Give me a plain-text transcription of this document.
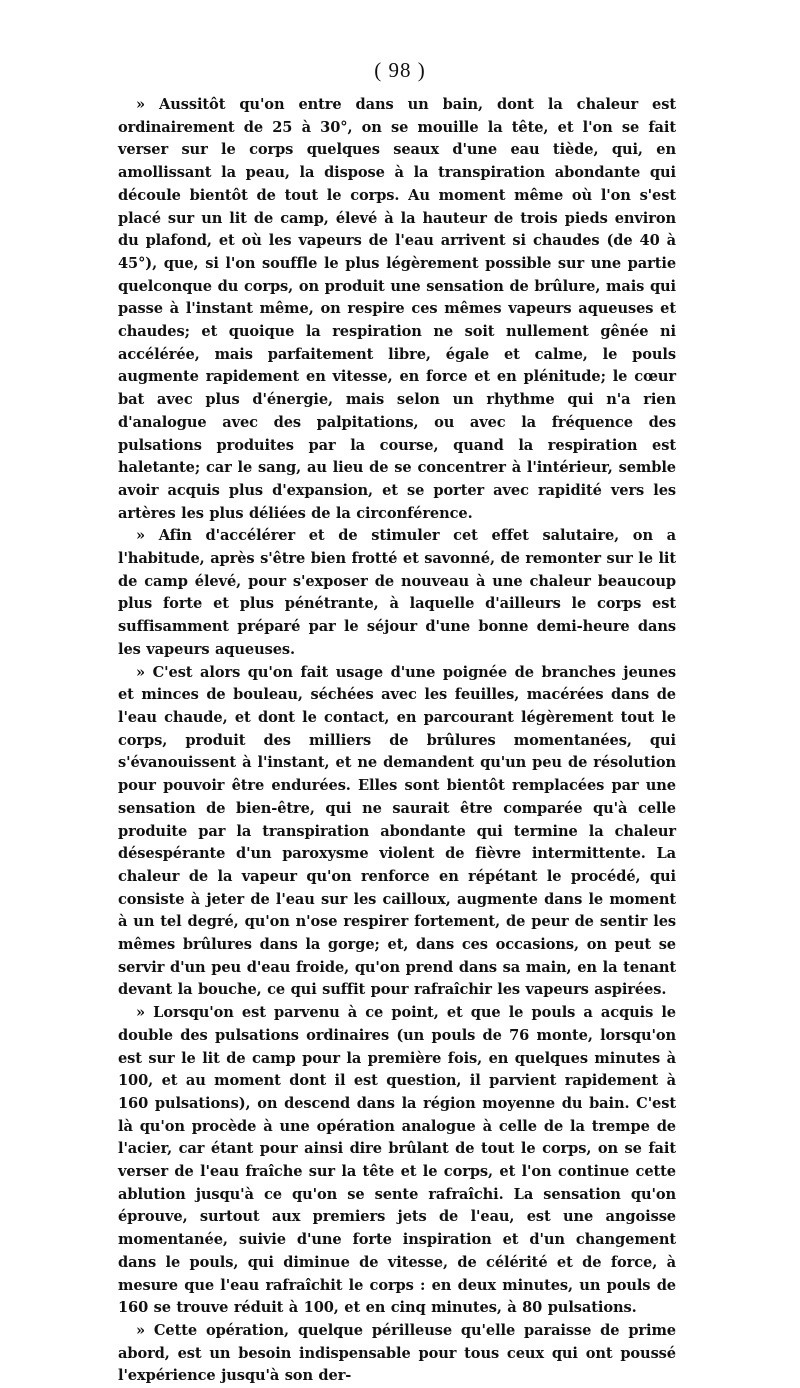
( 98 )

» Aussitôt qu'on entre dans un bain, dont la chaleur est ordinairement de 25 à 30°, on se mouille la tête, et l'on se fait verser sur le corps quelques seaux d'une eau tiède, qui, en amollissant la peau, la dispose à la transpiration abondante qui découle bientôt de tout le corps. Au moment même où l'on s'est placé sur un lit de camp, élevé à la hauteur de trois pieds environ du plafond, et où les vapeurs de l'eau arrivent si chaudes (de 40 à 45°), que, si l'on souffle le plus légèrement possible sur une partie quelconque du corps, on produit une sensation de brûlure, mais qui passe à l'instant même, on respire ces mêmes vapeurs aqueuses et chaudes; et quoique la respiration ne soit nullement gênée ni accélérée, mais parfaitement libre, égale et calme, le pouls augmente rapidement en vitesse, en force et en plénitude; le cœur bat avec plus d'énergie, mais selon un rhythme qui n'a rien d'analogue avec des palpitations, ou avec la fréquence des pulsations produites par la course, quand la respiration est haletante; car le sang, au lieu de se concentrer à l'intérieur, semble avoir acquis plus d'expansion, et se porter avec rapidité vers les artères les plus déliées de la circonférence.

» Afin d'accélérer et de stimuler cet effet salutaire, on a l'habitude, après s'être bien frotté et savonné, de remonter sur le lit de camp élevé, pour s'exposer de nouveau à une chaleur beaucoup plus forte et plus pénétrante, à laquelle d'ailleurs le corps est suffisamment préparé par le séjour d'une bonne demi-heure dans les vapeurs aqueuses.

» C'est alors qu'on fait usage d'une poignée de branches jeunes et minces de bouleau, séchées avec les feuilles, macérées dans de l'eau chaude, et dont le contact, en parcourant légèrement tout le corps, produit des milliers de brûlures momentanées, qui s'évanouissent à l'instant, et ne demandent qu'un peu de résolution pour pouvoir être endurées. Elles sont bientôt remplacées par une sensation de bien-être, qui ne saurait être comparée qu'à celle produite par la transpiration abondante qui termine la chaleur désespérante d'un paroxysme violent de fièvre intermittente. La chaleur de la vapeur qu'on renforce en répétant le procédé, qui consiste à jeter de l'eau sur les cailloux, augmente dans le moment à un tel degré, qu'on n'ose respirer fortement, de peur de sentir les mêmes brûlures dans la gorge; et, dans ces occasions, on peut se servir d'un peu d'eau froide, qu'on prend dans sa main, en la tenant devant la bouche, ce qui suffit pour rafraîchir les vapeurs aspirées.

» Lorsqu'on est parvenu à ce point, et que le pouls a acquis le double des pulsations ordinaires (un pouls de 76 monte, lorsqu'on est sur le lit de camp pour la première fois, en quelques minutes à 100, et au moment dont il est question, il parvient rapidement à 160 pulsations), on descend dans la région moyenne du bain. C'est là qu'on procède à une opération analogue à celle de la trempe de l'acier, car étant pour ainsi dire brûlant de tout le corps, on se fait verser de l'eau fraîche sur la tête et le corps, et l'on continue cette ablution jusqu'à ce qu'on se sente rafraîchi. La sensation qu'on éprouve, surtout aux premiers jets de l'eau, est une angoisse momentanée, suivie d'une forte inspiration et d'un changement dans le pouls, qui diminue de vitesse, de célérité et de force, à mesure que l'eau rafraîchit le corps : en deux minutes, un pouls de 160 se trouve réduit à 100, et en cinq minutes, à 80 pulsations.

» Cette opération, quelque périlleuse qu'elle paraisse de prime abord, est un besoin indispensable pour tous ceux qui ont poussé l'expérience jusqu'à son der-
